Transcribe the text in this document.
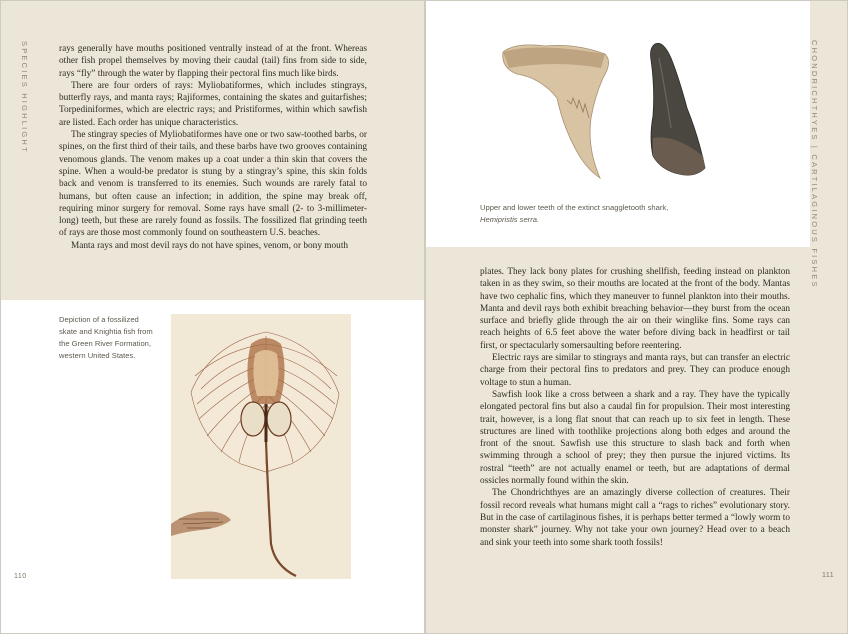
SPECIES HIGHLIGHT	rays generally have mouths positioned ventrally instead of at the front. Whereas other fish propel themselves by moving their caudal (tail) fins from side to side, rays “fly” through the water by flapping their pectoral fins much like birds.

There are four orders of rays: Myliobatiformes, which includes stingrays, butterfly rays, and manta rays; Rajiformes, containing the skates and guitarfishes; Torpediniformes, which are electric rays; and Pristiformes, within which sawfish are listed. Each order has unique characteristics.

The stingray species of Myliobatiformes have one or two saw-toothed barbs, or spines, on the first third of their tails, and these barbs have two grooves containing venomous glands. The venom makes up a coat under a thin skin that covers the spine. When a would-be predator is stung by a stingray’s spine, this skin folds back and venom is transferred to its enemies. Such wounds are rarely fatal to humans, but often cause an infection; in addition, the spine may break off, requiring minor surgery for removal. Some rays have small (2- to 3-millimeter-long) teeth, but these are rarely found as fossils. The fossilized flat grinding teeth of rays are those most commonly found on southeastern U.S. beaches.

Manta rays and most devil rays do not have spines, venom, or bony mouth

Depiction of a fossilized skate and Knightia fish from the Green River Formation, western United States.
110
Upper and lower teeth of the extinct snaggletooth shark,
Hemipristis serra.	CHONDRICHTHYES | CARTILAGINOUS FISHES

plates. They lack bony plates for crushing shellfish, feeding instead on plankton taken in as they swim, so their mouths are located at the front of the body. Mantas have two cephalic fins, which they maneuver to funnel plankton into their mouths. Manta and devil rays both exhibit breaching behavior—they burst from the ocean surface and briefly glide through the air on their winglike fins. Some rays can reach heights of 6.5 feet above the water before diving back in headfirst or tail first, or spectacularly somersaulting before reentering.

Electric rays are similar to stingrays and manta rays, but can transfer an electric charge from their pectoral fins to predators and prey. They can produce enough voltage to stun a human.

Sawfish look like a cross between a shark and a ray. They have the typically elongated pectoral fins but also a caudal fin for propulsion. Their most interesting trait, however, is a long flat snout that can reach up to six feet in length. These structures are lined with toothlike projections along both edges and around the front of the snout. Sawfish use this structure to slash back and forth when swimming through a school of prey; they then pursue the injured victims. Its rostral “teeth” are not actually enamel or teeth, but are adaptations of dermal ossicles normally found within the skin.

The Chondrichthyes are an amazingly diverse collection of creatures. Their fossil record reveals what humans might call a “rags to riches” evolutionary story. But in the case of cartilaginous fishes, it is perhaps better termed a “lowly worm to monster shark” journey. Why not take your own journey? Head over to a beach and sink your teeth into some shark tooth fossils!

111
